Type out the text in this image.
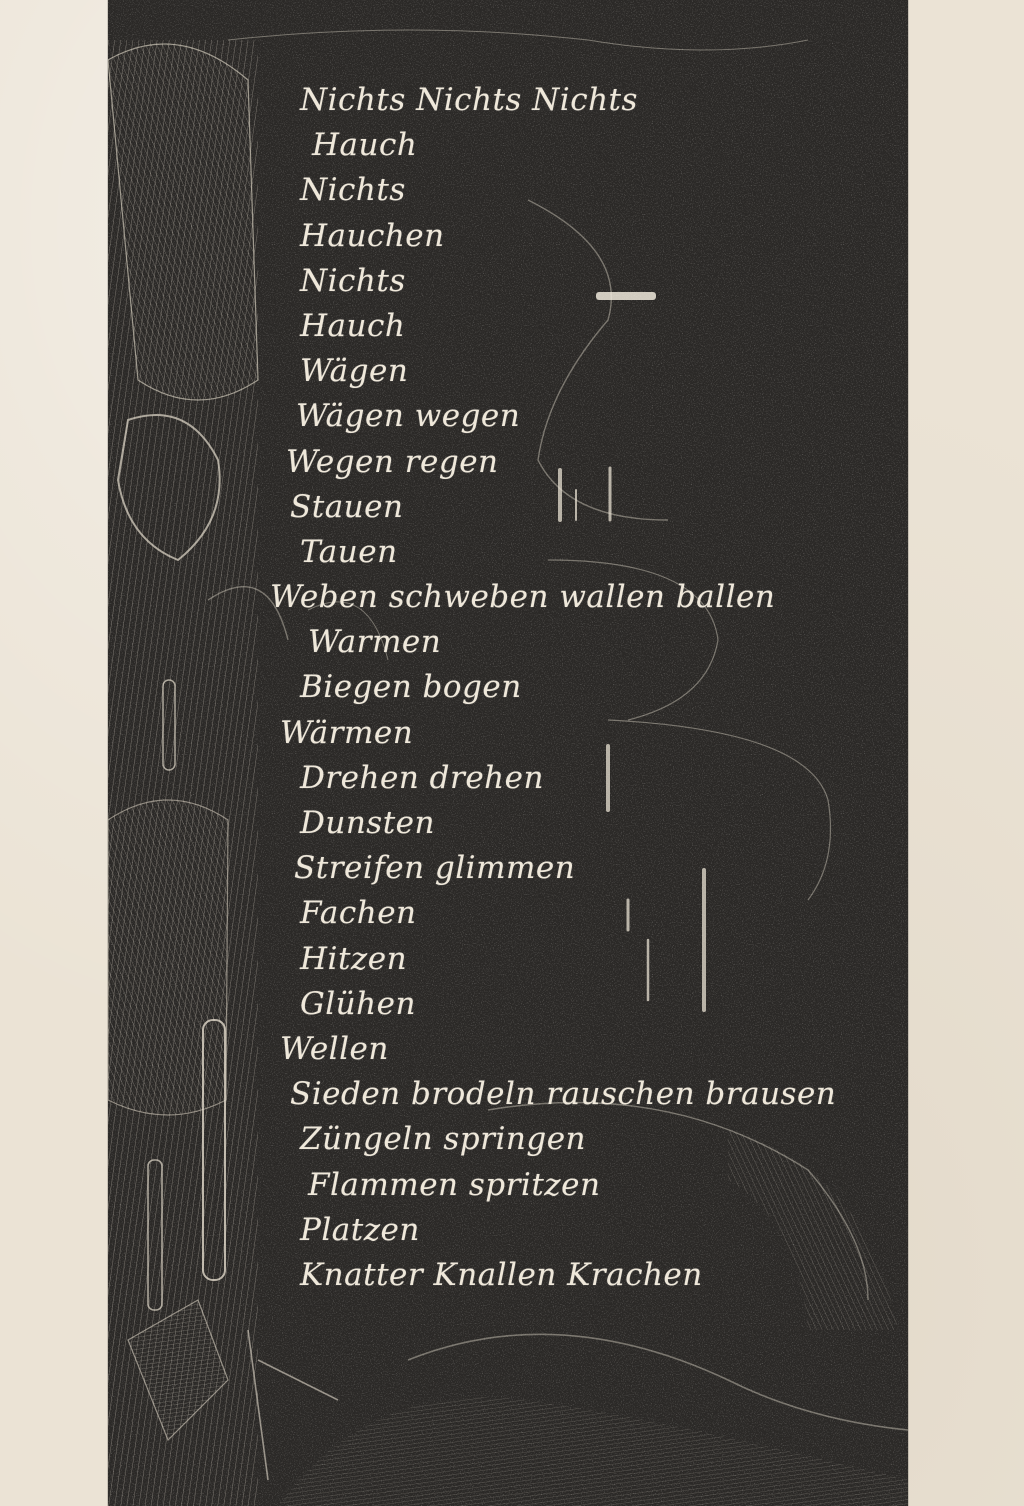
Nichts Nichts Nichts
Hauch
Nichts
Hauchen
Nichts
Hauch
Wägen
Wägen wegen
Wegen regen
Stauen
Tauen
Weben schweben wallen ballen
Warmen
Biegen bogen
Wärmen
Drehen drehen
Dunsten
Streifen glimmen
Fachen
Hitzen
Glühen
Wellen
Sieden brodeln rauschen brausen
Züngeln springen
Flammen spritzen
Platzen
Knatter Knallen Krachen
